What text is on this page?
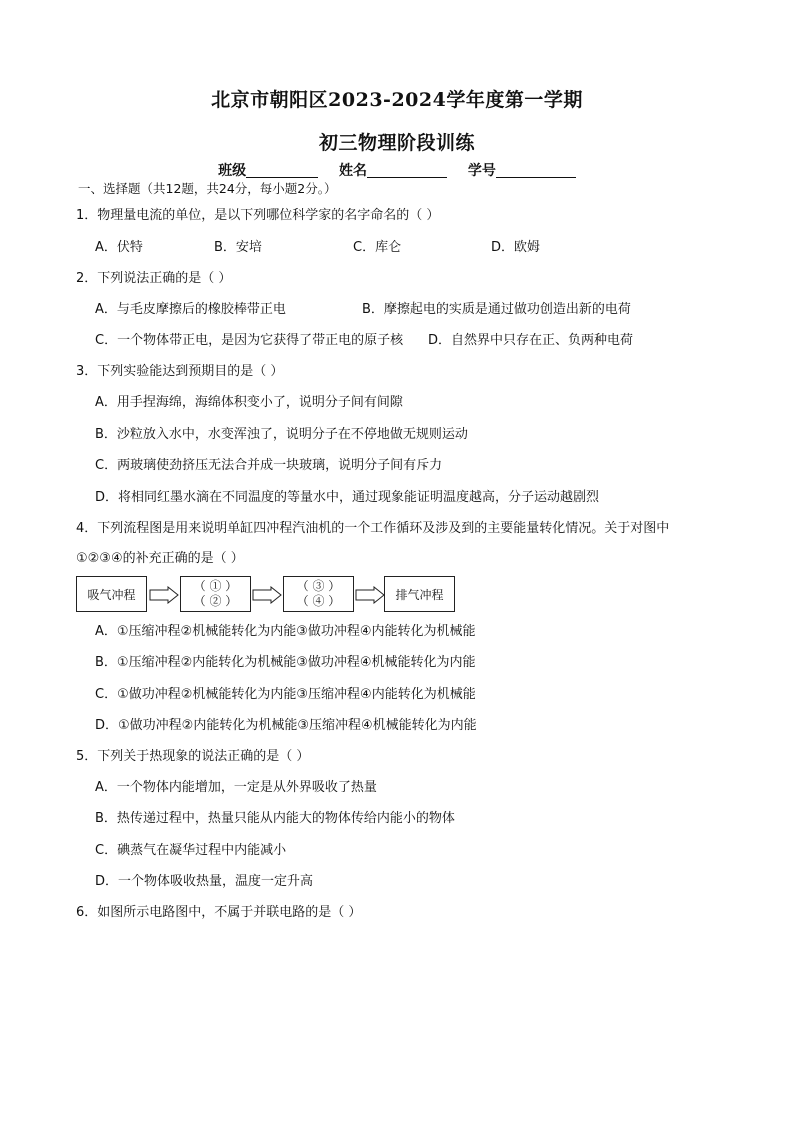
北京市朝阳区2023-2024学年度第一学期
初三物理阶段训练
班级	姓名	学号
一、选择题（共12题，共24分，每小题2分。）
1．物理量电流的单位，是以下列哪位科学家的名字命名的（ ）
A．伏特	B．安培	C．库仑	D．欧姆
2．下列说法正确的是（ ）
A．与毛皮摩擦后的橡胶棒带正电	B．摩擦起电的实质是通过做功创造出新的电荷
C．一个物体带正电，是因为它获得了带正电的原子核 D．自然界中只存在正、负两种电荷
3．下列实验能达到预期目的是（ ）
A．用手捏海绵，海绵体积变小了，说明分子间有间隙
B．沙粒放入水中，水变浑浊了，说明分子在不停地做无规则运动
C．两玻璃使劲挤压无法合并成一块玻璃，说明分子间有斥力
D．将相同红墨水滴在不同温度的等量水中，通过现象能证明温度越高，分子运动越剧烈
4．下列流程图是用来说明单缸四冲程汽油机的一个工作循环及涉及到的主要能量转化情况。关于对图中
①②③④的补充正确的是（ ）
吸气冲程
（ ① ）
（ ② ）
（ ③ ）
（ ④ ）	排气冲程
A．①压缩冲程②机械能转化为内能③做功冲程④内能转化为机械能
B．①压缩冲程②内能转化为机械能③做功冲程④机械能转化为内能
C．①做功冲程②机械能转化为内能③压缩冲程④内能转化为机械能
D．①做功冲程②内能转化为机械能③压缩冲程④机械能转化为内能
5．下列关于热现象的说法正确的是（ ）
A．一个物体内能增加，一定是从外界吸收了热量
B．热传递过程中，热量只能从内能大的物体传给内能小的物体
C．碘蒸气在凝华过程中内能减小
D．一个物体吸收热量，温度一定升高
6．如图所示电路图中，不属于并联电路的是（ ）
